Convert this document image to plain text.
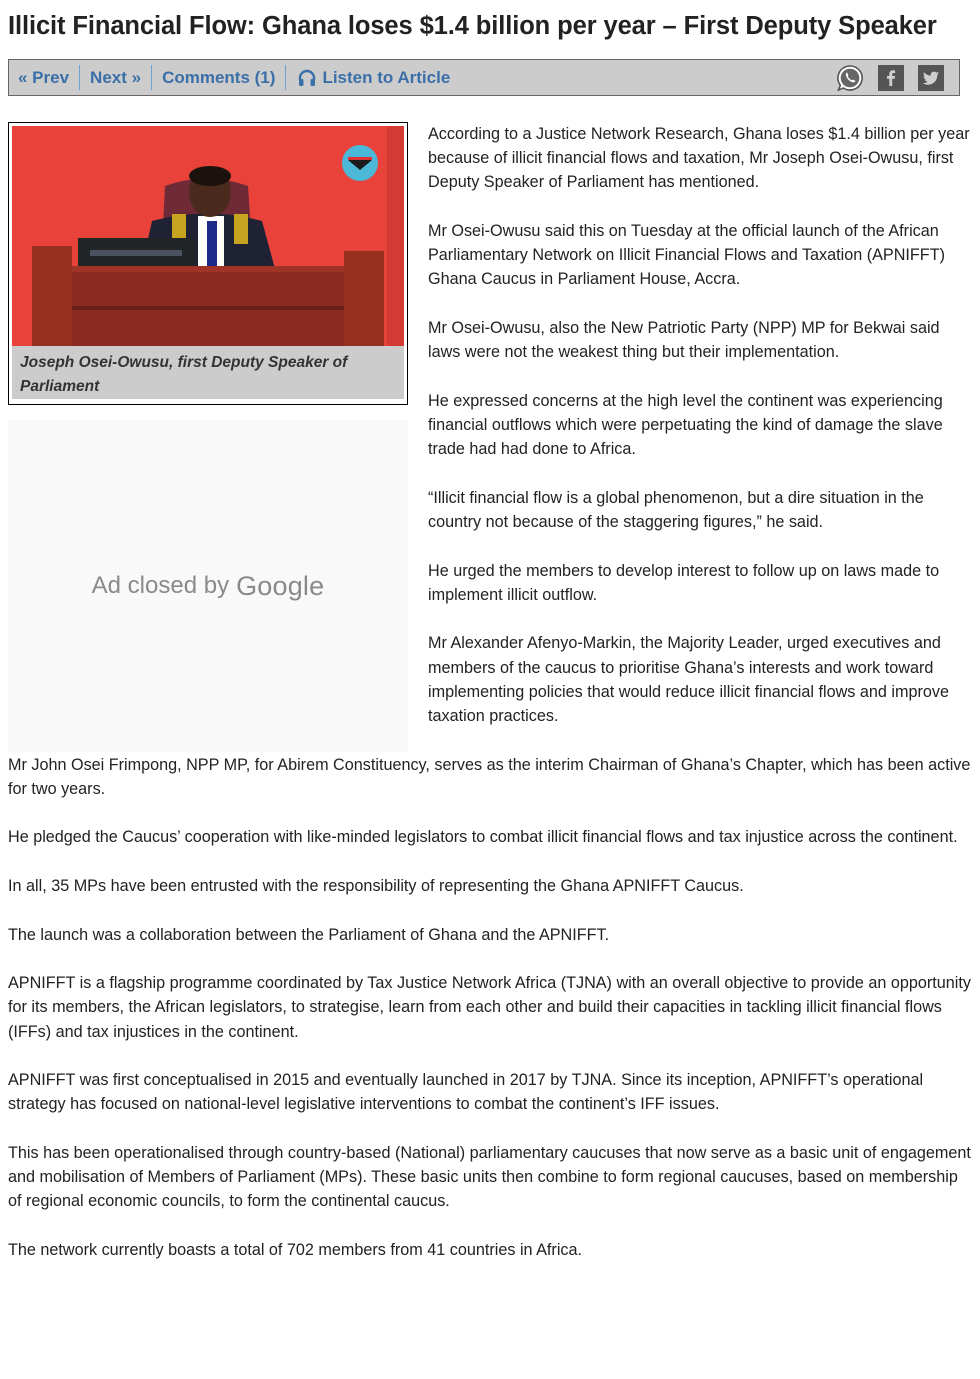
Illicit Financial Flow: Ghana loses $1.4 billion per year – First Deputy Speaker
« Prev	Next »	Comments (1)	Listen to Article
Joseph Osei-Owusu, first Deputy Speaker of Parliament
Ad closed by Google

According to a Justice Network Research, Ghana loses $1.4 billion per year because of illicit financial flows and taxation, Mr Joseph Osei-Owusu, first Deputy Speaker of Parliament has mentioned.

Mr Osei-Owusu said this on Tuesday at the official launch of the African Parliamentary Network on Illicit Financial Flows and Taxation (APNIFFT) Ghana Caucus in Parliament House, Accra.

Mr Osei-Owusu, also the New Patriotic Party (NPP) MP for Bekwai said laws were not the weakest thing but their implementation.

He expressed concerns at the high level the continent was experiencing financial outflows which were perpetuating the kind of damage the slave trade had had done to Africa.

“Illicit financial flow is a global phenomenon, but a dire situation in the country not because of the staggering figures,” he said.

He urged the members to develop interest to follow up on laws made to implement illicit outflow.

Mr Alexander Afenyo-Markin, the Majority Leader, urged executives and members of the caucus to prioritise Ghana’s interests and work toward implementing policies that would reduce illicit financial flows and improve taxation practices.

Mr John Osei Frimpong, NPP MP, for Abirem Constituency, serves as the interim Chairman of Ghana’s Chapter, which has been active for two years.

He pledged the Caucus’ cooperation with like-minded legislators to combat illicit financial flows and tax injustice across the continent.

In all, 35 MPs have been entrusted with the responsibility of representing the Ghana APNIFFT Caucus.

The launch was a collaboration between the Parliament of Ghana and the APNIFFT.

APNIFFT is a flagship programme coordinated by Tax Justice Network Africa (TJNA) with an overall objective to provide an opportunity for its members, the African legislators, to strategise, learn from each other and build their capacities in tackling illicit financial flows (IFFs) and tax injustices in the continent.

APNIFFT was first conceptualised in 2015 and eventually launched in 2017 by TJNA. Since its inception, APNIFFT’s operational strategy has focused on national-level legislative interventions to combat the continent’s IFF issues.

This has been operationalised through country-based (National) parliamentary caucuses that now serve as a basic unit of engagement and mobilisation of Members of Parliament (MPs). These basic units then combine to form regional caucuses, based on membership of regional economic councils, to form the continental caucus.

The network currently boasts a total of 702 members from 41 countries in Africa.
